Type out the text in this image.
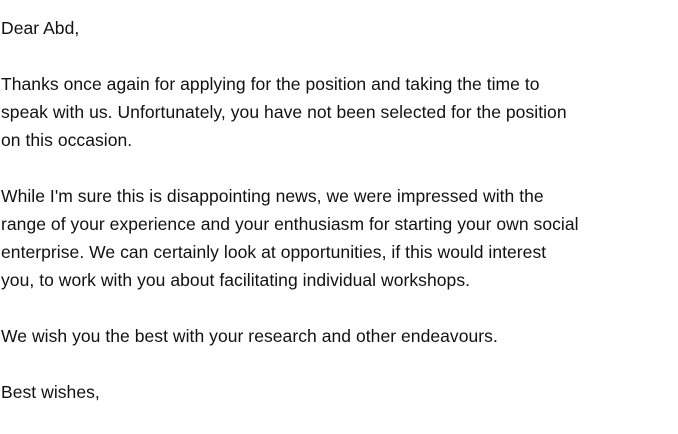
Dear Abd,
Thanks once again for applying for the position and taking the time to
speak with us. Unfortunately, you have not been selected for the position
on this occasion.
While I'm sure this is disappointing news, we were impressed with the
range of your experience and your enthusiasm for starting your own social
enterprise. We can certainly look at opportunities, if this would interest
you, to work with you about facilitating individual workshops.
We wish you the best with your research and other endeavours.
Best wishes,
